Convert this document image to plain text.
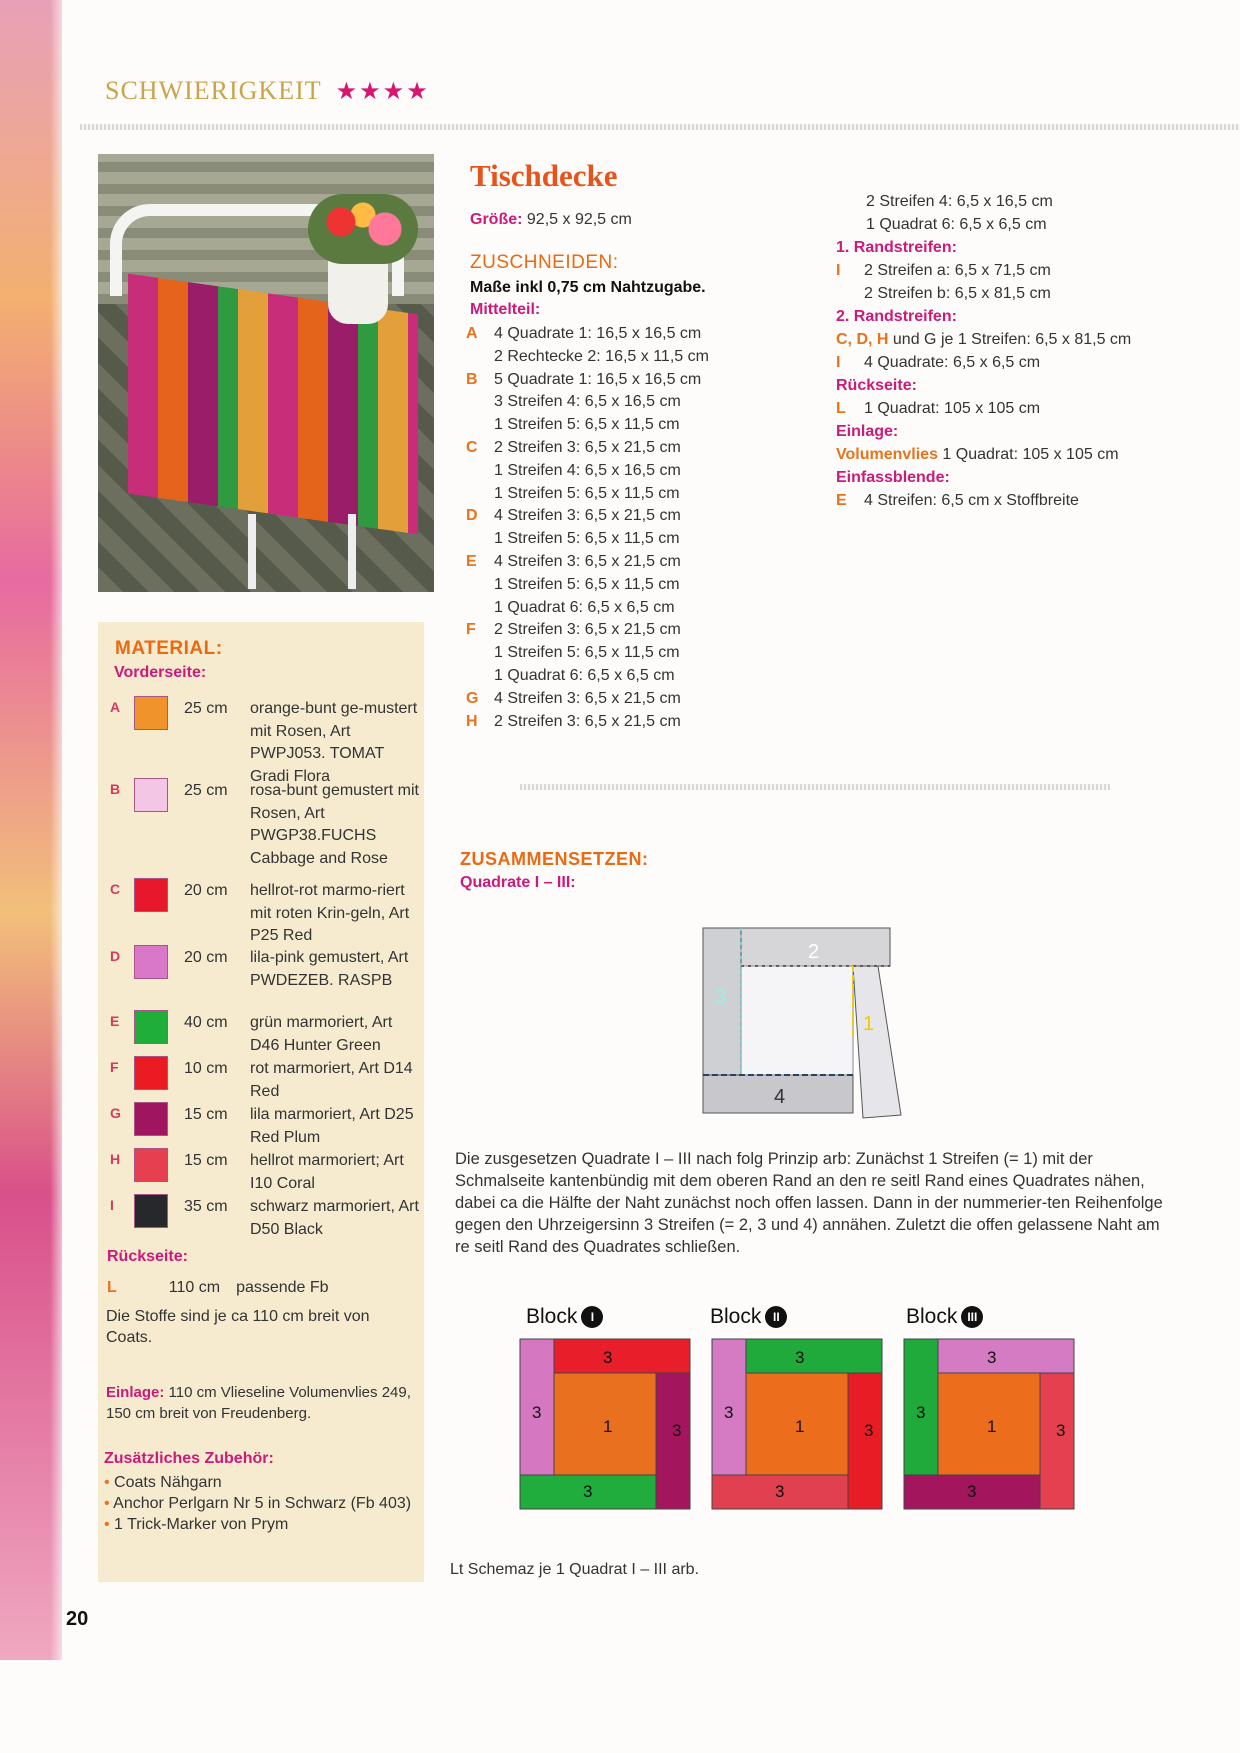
SCHWIERIGKEIT ★★★★
MATERIAL:
Vorderseite:
A	25 cm orange-bunt ge-mustert mit Rosen, Art PWPJ053. TOMAT Gradi Flora
B	25 cm rosa-bunt gemustert mit Rosen, Art PWGP38.FUCHS Cabbage and Rose
C	20 cm hellrot-rot marmo-riert mit roten Krin-geln, Art P25 Red
D	20 cm lila-pink gemustert, Art PWDEZEB. RASPB
E	40 cm grün marmoriert, Art D46 Hunter Green
F	10 cm rot marmoriert, Art D14 Red
G	15 cm lila marmoriert, Art D25 Red Plum
H	15 cm hellrot marmoriert; Art I10 Coral
I	35 cm schwarz marmoriert, Art D50 Black
Rückseite:
L	110 cm passende Fb
Die Stoffe sind je ca 110 cm breit von Coats.
Einlage: 110 cm Vlieseline Volumenvlies 249, 150 cm breit von Freudenberg.
Zusätzliches Zubehör:
• Coats Nähgarn
• Anchor Perlgarn Nr 5 in Schwarz (Fb 403)
• 1 Trick-Marker von Prym
20
Tischdecke
Größe: 92,5 x 92,5 cm
ZUSCHNEIDEN:
Maße inkl 0,75 cm Nahtzugabe.
Mittelteil:
A 4 Quadrate 1: 16,5 x 16,5 cm
2 Rechtecke 2: 16,5 x 11,5 cm
B 5 Quadrate 1: 16,5 x 16,5 cm
3 Streifen 4: 6,5 x 16,5 cm
1 Streifen 5: 6,5 x 11,5 cm
C 2 Streifen 3: 6,5 x 21,5 cm
1 Streifen 4: 6,5 x 16,5 cm
1 Streifen 5: 6,5 x 11,5 cm
D 4 Streifen 3: 6,5 x 21,5 cm
1 Streifen 5: 6,5 x 11,5 cm
E 4 Streifen 3: 6,5 x 21,5 cm
1 Streifen 5: 6,5 x 11,5 cm
1 Quadrat 6: 6,5 x 6,5 cm
F 2 Streifen 3: 6,5 x 21,5 cm
1 Streifen 5: 6,5 x 11,5 cm
1 Quadrat 6: 6,5 x 6,5 cm
G 4 Streifen 3: 6,5 x 21,5 cm
H 2 Streifen 3: 6,5 x 21,5 cm
2 Streifen 4: 6,5 x 16,5 cm
1 Quadrat 6: 6,5 x 6,5 cm
1. Randstreifen:
I 2 Streifen a: 6,5 x 71,5 cm
2 Streifen b: 6,5 x 81,5 cm
2. Randstreifen:
C, D, H und G je 1 Streifen: 6,5 x 81,5 cm
I 4 Quadrate: 6,5 x 6,5 cm
Rückseite:
L 1 Quadrat: 105 x 105 cm
Einlage:
Volumenvlies 1 Quadrat: 105 x 105 cm
Einfassblende:
E 4 Streifen: 6,5 cm x Stoffbreite
ZUSAMMENSETZEN:
Quadrate I – III:
2
3
1
4
Die zusgesetzen Quadrate I – III nach folg Prinzip arb: Zunächst 1 Streifen (= 1) mit der Schmalseite kantenbündig mit dem oberen Rand an den re seitl Rand eines Quadrates nähen, dabei ca die Hälfte der Naht zunächst noch offen lassen. Dann in der nummerier-ten Reihenfolge gegen den Uhrzeigersinn 3 Streifen (= 2, 3 und 4) annähen. Zuletzt die offen gelassene Naht am re seitl Rand des Quadrates schließen.
Block I
3
3
3
3
1
Block II
3
3
3
3
1
Block III
3
3
3
3
1
Lt Schemaz je 1 Quadrat I – III arb.
